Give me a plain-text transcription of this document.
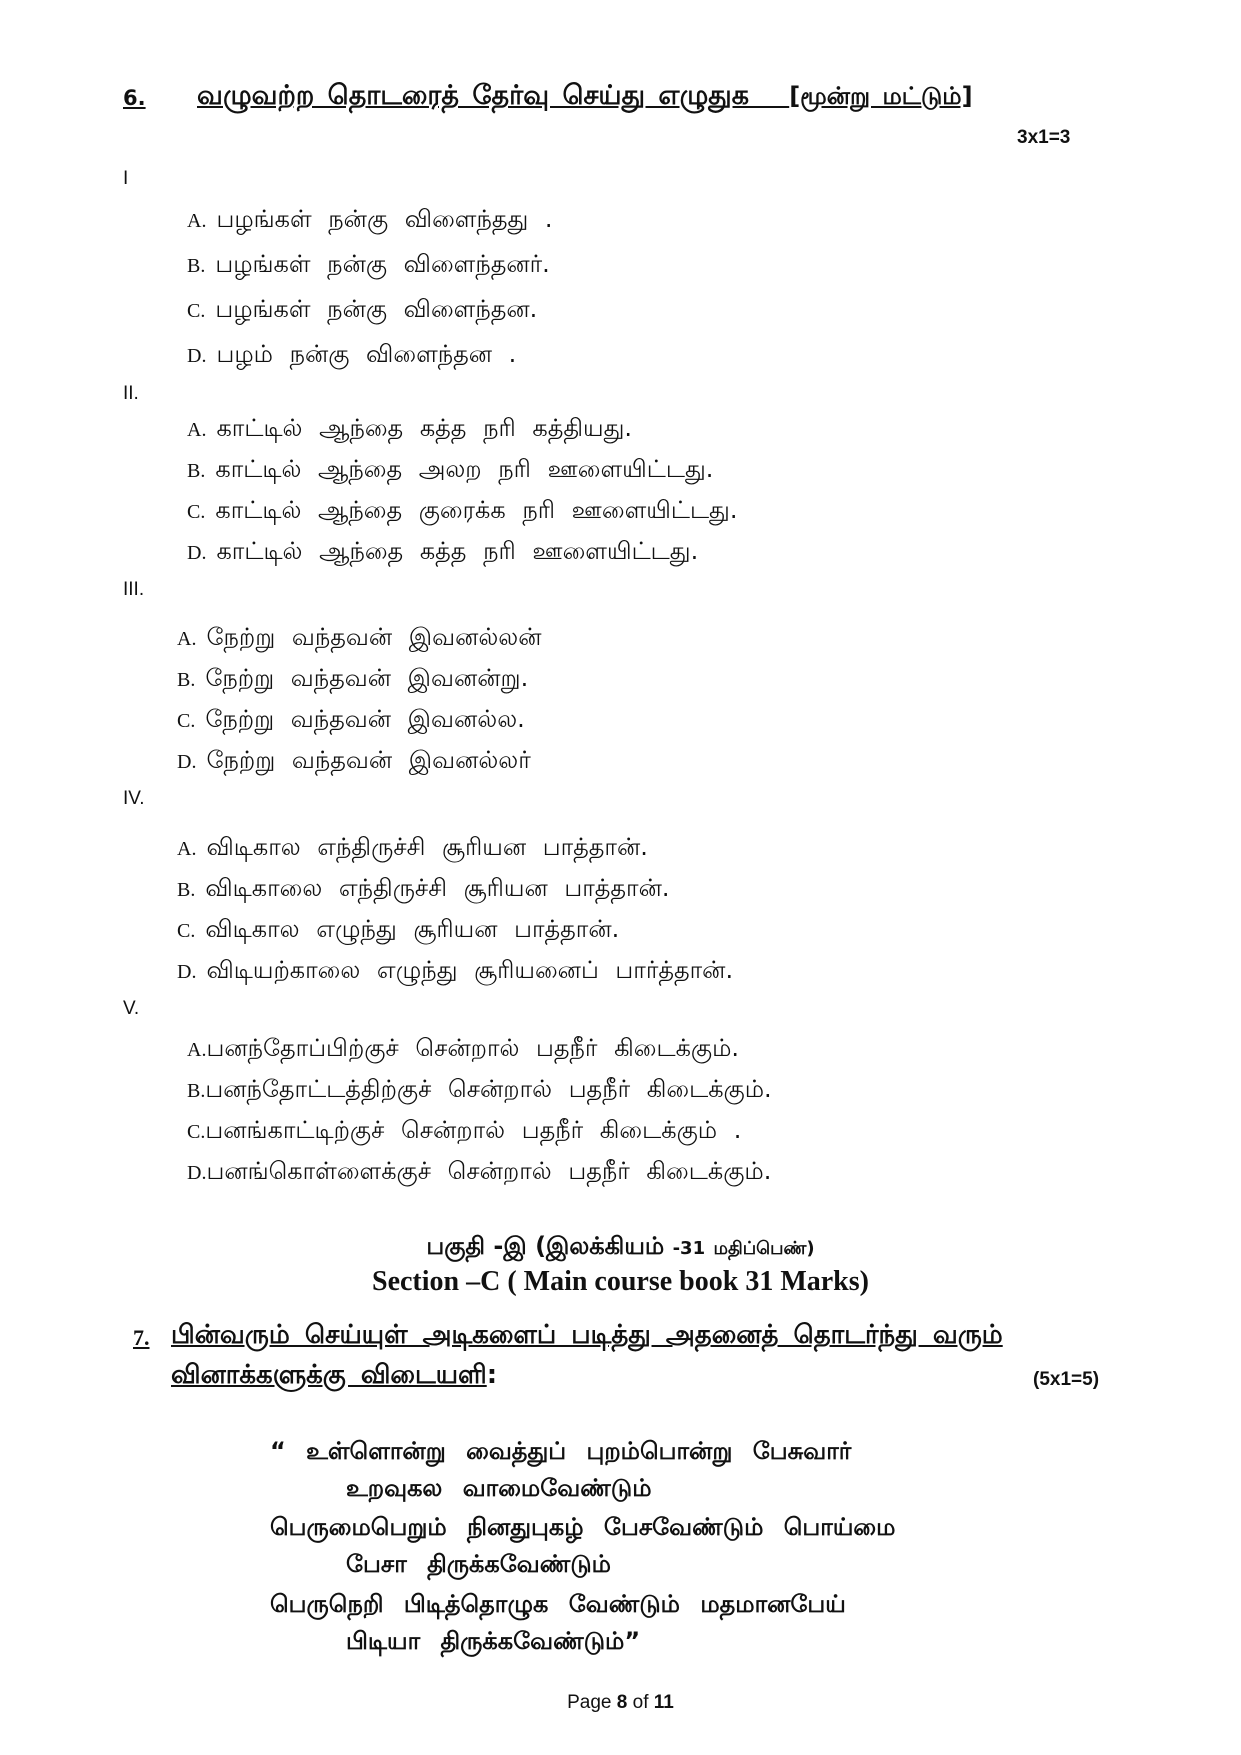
6. வழுவற்ற தொடரைத் தேர்வு செய்து எழுதுக [மூன்று மட்டும்]
3x1=3
I
A. பழங்கள் நன்கு விளைந்தது .
B. பழங்கள் நன்கு விளைந்தனர்.
C. பழங்கள் நன்கு விளைந்தன.
D. பழம் நன்கு விளைந்தன .
II.
A. காட்டில் ஆந்தை கத்த நரி கத்தியது.
B. காட்டில் ஆந்தை அலற நரி ஊளையிட்டது.
C. காட்டில் ஆந்தை குரைக்க நரி ஊளையிட்டது.
D. காட்டில் ஆந்தை கத்த நரி ஊளையிட்டது.
III.
A. நேற்று வந்தவன் இவனல்லன்
B. நேற்று வந்தவன் இவனன்று.
C. நேற்று வந்தவன் இவனல்ல.
D. நேற்று வந்தவன் இவனல்லர்
IV.
A. விடிகால எந்திருச்சி சூரியன பாத்தான்.
B. விடிகாலை எந்திருச்சி சூரியன பாத்தான்.
C. விடிகால எழுந்து சூரியன பாத்தான்.
D. விடியற்காலை எழுந்து சூரியனைப் பார்த்தான்.
V.
A.பனந்தோப்பிற்குச் சென்றால் பதநீர் கிடைக்கும்.
B.பனந்தோட்டத்திற்குச் சென்றால் பதநீர் கிடைக்கும்.
C.பனங்காட்டிற்குச் சென்றால் பதநீர் கிடைக்கும் .
D.பனங்கொள்ளைக்குச் சென்றால் பதநீர் கிடைக்கும்.
பகுதி -இ (இலக்கியம் -31 மதிப்பெண்)
Section –C ( Main course book 31 Marks)
7. பின்வரும் செய்யுள் அடிகளைப் படித்து அதனைத் தொடர்ந்து வரும்
வினாக்களுக்கு விடையளி:	(5x1=5)
“ உள்ளொன்று வைத்துப் புறம்பொன்று பேசுவார்
உறவுகல வாமைவேண்டும்
பெருமைபெறும் நினதுபுகழ் பேசவேண்டும் பொய்மை
பேசா திருக்கவேண்டும்
பெருநெறி பிடித்தொழுக வேண்டும் மதமானபேய்
பிடியா திருக்கவேண்டும்”
Page 8 of 11
